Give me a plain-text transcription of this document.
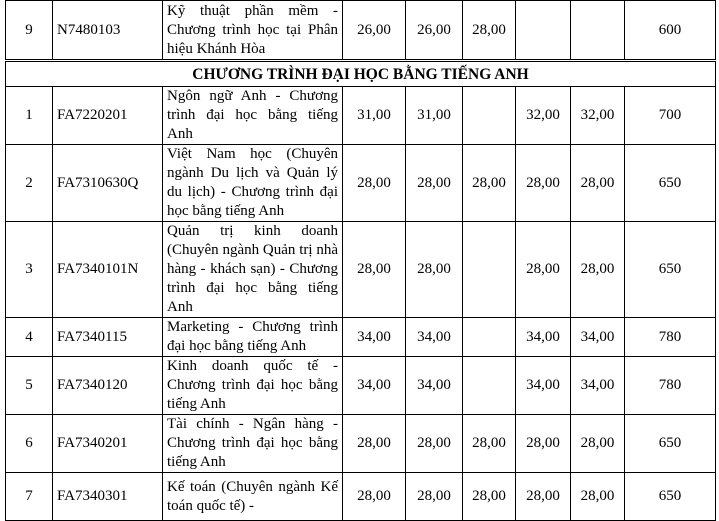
9	N7480103	Kỹ thuật phần mềm - Chương trình học tại Phân hiệu Khánh Hòa	26,00	26,00	28,00			600
CHƯƠNG TRÌNH ĐẠI HỌC BẰNG TIẾNG ANH								
1	FA7220201	Ngôn ngữ Anh - Chương trình đại học bằng tiếng Anh	31,00	31,00		32,00	32,00	700
2	FA7310630Q	Việt Nam học (Chuyên ngành Du lịch và Quản lý du lịch) - Chương trình đại học bằng tiếng Anh	28,00	28,00	28,00	28,00	28,00	650
3	FA7340101N	Quản trị kinh doanh (Chuyên ngành Quản trị nhà hàng - khách sạn) - Chương trình đại học bằng tiếng Anh	28,00	28,00		28,00	28,00	650
4	FA7340115	Marketing - Chương trình đại học bằng tiếng Anh	34,00	34,00		34,00	34,00	780
5	FA7340120	Kinh doanh quốc tế - Chương trình đại học bằng tiếng Anh	34,00	34,00		34,00	34,00	780
6	FA7340201	Tài chính - Ngân hàng - Chương trình đại học bằng tiếng Anh	28,00	28,00	28,00	28,00	28,00	650
7	FA7340301	Kế toán (Chuyên ngành Kế toán quốc tế) -	28,00	28,00	28,00	28,00	28,00	650
